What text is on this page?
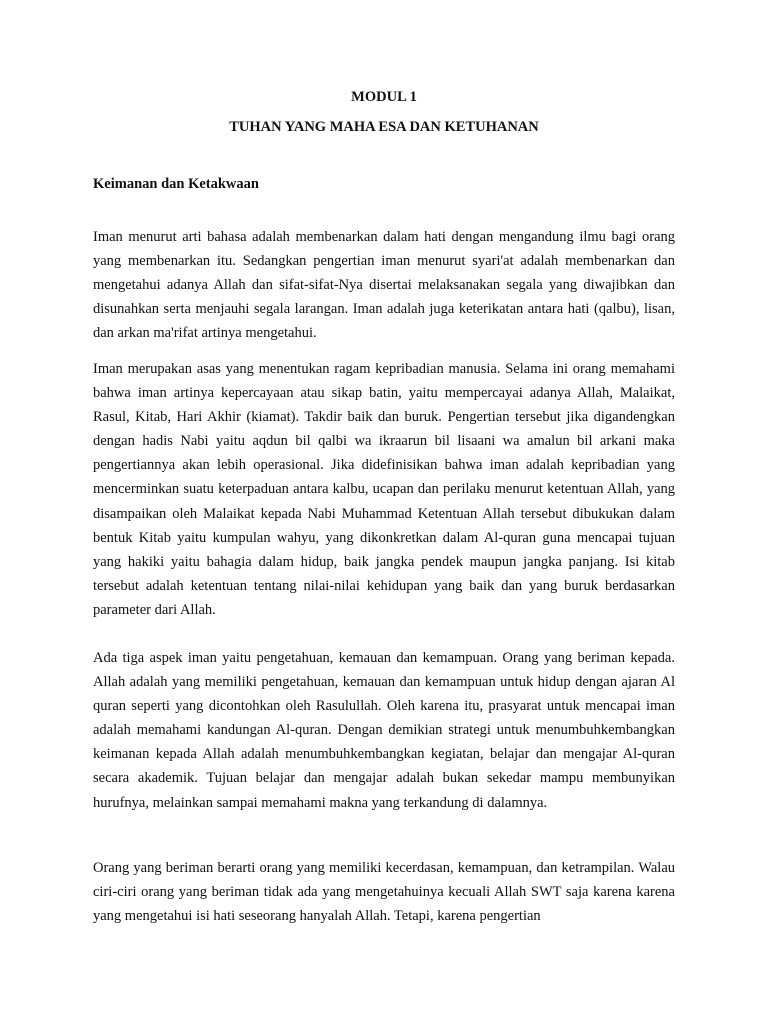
MODUL 1
TUHAN YANG MAHA ESA DAN KETUHANAN
Keimanan dan Ketakwaan

Iman menurut arti bahasa adalah membenarkan dalam hati dengan mengandung ilmu bagi orang yang membenarkan itu. Sedangkan pengertian iman menurut syari'at adalah membenarkan dan mengetahui adanya Allah dan sifat-sifat-Nya disertai melaksanakan segala yang diwajibkan dan disunahkan serta menjauhi segala larangan. Iman adalah juga keterikatan antara hati (qalbu), lisan, dan arkan ma'rifat artinya mengetahui.

Iman merupakan asas yang menentukan ragam kepribadian manusia. Selama ini orang memahami bahwa iman artinya kepercayaan atau sikap batin, yaitu mempercayai adanya Allah, Malaikat, Rasul, Kitab, Hari Akhir (kiamat). Takdir baik dan buruk. Pengertian tersebut jika digandengkan dengan hadis Nabi yaitu aqdun bil qalbi wa ikraarun bil lisaani wa amalun bil arkani maka pengertiannya akan lebih operasional. Jika didefinisikan bahwa iman adalah kepribadian yang mencerminkan suatu keterpaduan antara kalbu, ucapan dan perilaku menurut ketentuan Allah, yang disampaikan oleh Malaikat kepada Nabi Muhammad Ketentuan Allah tersebut dibukukan dalam bentuk Kitab yaitu kumpulan wahyu, yang dikonkretkan dalam Al-quran guna mencapai tujuan yang hakiki yaitu bahagia dalam hidup, baik jangka pendek maupun jangka panjang. Isi kitab tersebut adalah ketentuan tentang nilai-nilai kehidupan yang baik dan yang buruk berdasarkan parameter dari Allah.

Ada tiga aspek iman yaitu pengetahuan, kemauan dan kemampuan. Orang yang beriman kepada. Allah adalah yang memiliki pengetahuan, kemauan dan kemampuan untuk hidup dengan ajaran Al quran seperti yang dicontohkan oleh Rasulullah. Oleh karena itu, prasyarat untuk mencapai iman adalah memahami kandungan Al-quran. Dengan demikian strategi untuk menumbuhkembangkan keimanan kepada Allah adalah menumbuhkembangkan kegiatan, belajar dan mengajar Al-quran secara akademik. Tujuan belajar dan mengajar adalah bukan sekedar mampu membunyikan hurufnya, melainkan sampai memahami makna yang terkandung di dalamnya.

Orang yang beriman berarti orang yang memiliki kecerdasan, kemampuan, dan ketrampilan. Walau ciri-ciri orang yang beriman tidak ada yang mengetahuinya kecuali Allah SWT saja karena karena yang mengetahui isi hati seseorang hanyalah Allah. Tetapi, karena pengertian
